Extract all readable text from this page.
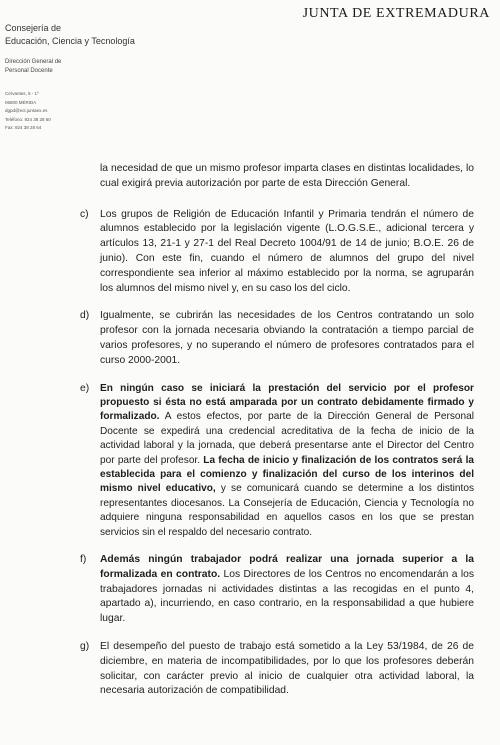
Consejería de
Educación, Ciencia y Tecnología
Dirección General de
Personal Docente
Cervantes, 5 - 1º
06800 MÉRIDA
dgpd@ect.juntaex.es
Teléfono: 924 38 28 60
Fax: 924 38 28 64
JUNTA DE EXTREMADURA
la necesidad de que un mismo profesor imparta clases en distintas localidades, lo cual exigirá previa autorización por parte de esta Dirección General.
c) Los grupos de Religión de Educación Infantil y Primaria tendrán el número de alumnos establecido por la legislación vigente (L.O.G.S.E., adicional tercera y artículos 13, 21-1 y 27-1 del Real Decreto 1004/91 de 14 de junio; B.O.E. 26 de junio). Con este fin, cuando el número de alumnos del grupo del nivel correspondiente sea inferior al máximo establecido por la norma, se agruparán los alumnos del mismo nivel y, en su caso los del ciclo.
d) Igualmente, se cubrirán las necesidades de los Centros contratando un solo profesor con la jornada necesaria obviando la contratación a tiempo parcial de varios profesores, y no superando el número de profesores contratados para el curso 2000-2001.
e) En ningún caso se iniciará la prestación del servicio por el profesor propuesto si ésta no está amparada por un contrato debidamente firmado y formalizado. A estos efectos, por parte de la Dirección General de Personal Docente se expedirá una credencial acreditativa de la fecha de inicio de la actividad laboral y la jornada, que deberá presentarse ante el Director del Centro por parte del profesor. La fecha de inicio y finalización de los contratos será la establecida para el comienzo y finalización del curso de los interinos del mismo nivel educativo, y se comunicará cuando se determine a los distintos representantes diocesanos. La Consejería de Educación, Ciencia y Tecnología no adquiere ninguna responsabilidad en aquellos casos en los que se prestan servicios sin el respaldo del necesario contrato.
f) Además ningún trabajador podrá realizar una jornada superior a la formalizada en contrato. Los Directores de los Centros no encomendarán a los trabajadores jornadas ni actividades distintas a las recogidas en el punto 4, apartado a), incurriendo, en caso contrario, en la responsabilidad a que hubiere lugar.
g) El desempeño del puesto de trabajo está sometido a la Ley 53/1984, de 26 de diciembre, en materia de incompatibilidades, por lo que los profesores deberán solicitar, con carácter previo al inicio de cualquier otra actividad laboral, la necesaria autorización de compatibilidad.
